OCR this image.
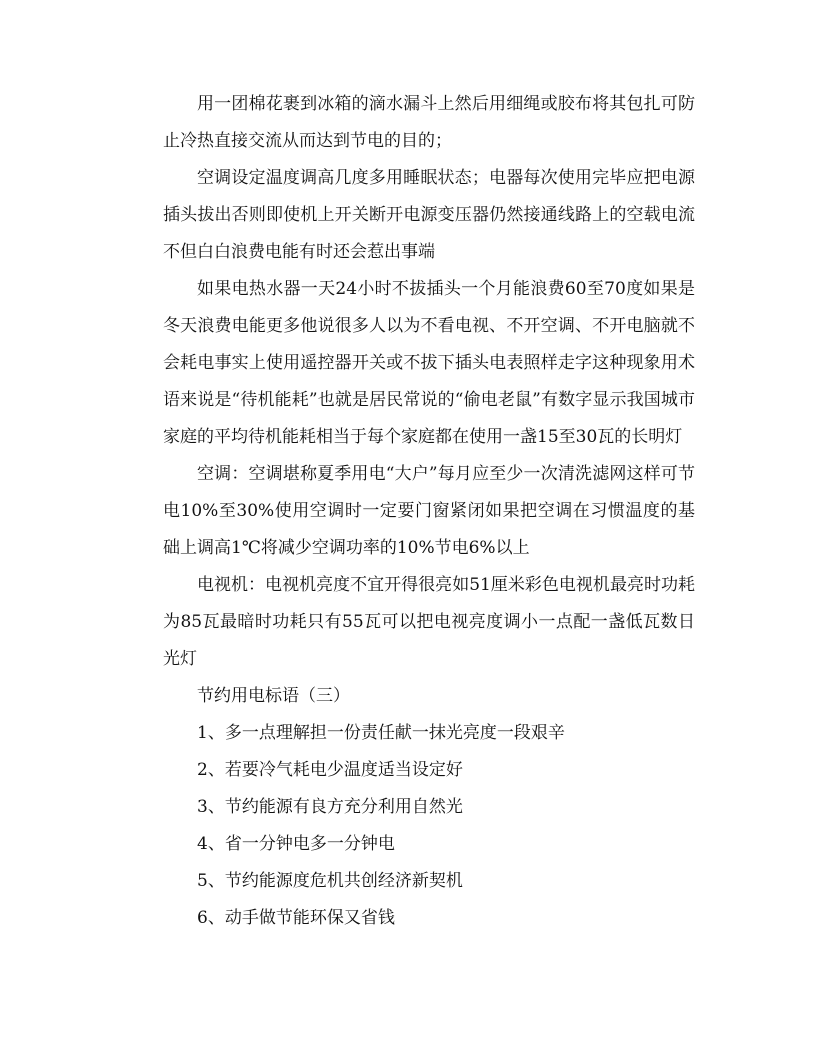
用一团棉花裹到冰箱的滴水漏斗上然后用细绳或胶布将其包扎可防止冷热直接交流从而达到节电的目的；

空调设定温度调高几度多用睡眠状态；电器每次使用完毕应把电源插头拔出否则即使机上开关断开电源变压器仍然接通线路上的空载电流不但白白浪费电能有时还会惹出事端

如果电热水器一天24小时不拔插头一个月能浪费60至70度如果是冬天浪费电能更多他说很多人以为不看电视、不开空调、不开电脑就不会耗电事实上使用遥控器开关或不拔下插头电表照样走字这种现象用术语来说是“待机能耗”也就是居民常说的“偷电老鼠”有数字显示我国城市家庭的平均待机能耗相当于每个家庭都在使用一盏15至30瓦的长明灯

空调：空调堪称夏季用电“大户”每月应至少一次清洗滤网这样可节电10%至30%使用空调时一定要门窗紧闭如果把空调在习惯温度的基础上调高1℃将减少空调功率的10%节电6%以上

电视机：电视机亮度不宜开得很亮如51厘米彩色电视机最亮时功耗为85瓦最暗时功耗只有55瓦可以把电视亮度调小一点配一盏低瓦数日光灯

节约用电标语（三）

1、多一点理解担一份责任献一抹光亮度一段艰辛

2、若要冷气耗电少温度适当设定好

3、节约能源有良方充分利用自然光

4、省一分钟电多一分钟电

5、节约能源度危机共创经济新契机

6、动手做节能环保又省钱
